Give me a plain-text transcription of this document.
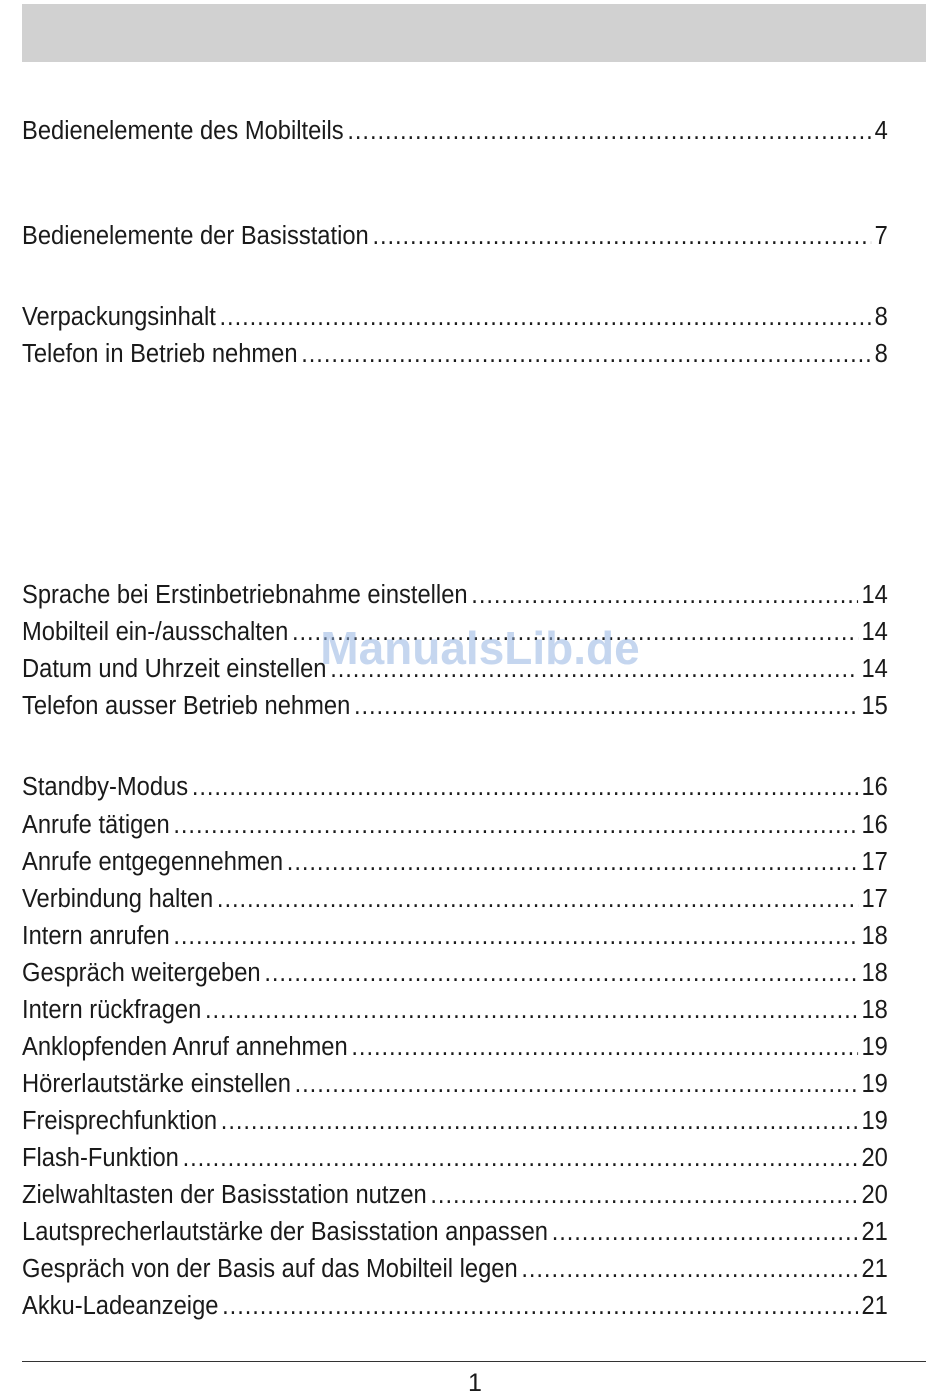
Bedienelemente des Mobilteils .....	4
Bedienelemente der Basisstation .....	7
Verpackungsinhalt .....	8
Telefon in Betrieb nehmen .....	8
Sprache bei Erstinbetriebnahme einstellen .....	14
Mobilteil ein-/ausschalten .....	14
Datum und Uhrzeit einstellen .....	14
Telefon ausser Betrieb nehmen .....	15
Standby-Modus .....	16
Anrufe tätigen .....	16
Anrufe entgegennehmen .....	17
Verbindung halten .....	17
Intern anrufen .....	18
Gespräch weitergeben .....	18
Intern rückfragen .....	18
Anklopfenden Anruf annehmen .....	19
Hörerlautstärke einstellen .....	19
Freisprechfunktion .....	19
Flash-Funktion .....	20
Zielwahltasten der Basisstation nutzen .....	20
Lautsprecherlautstärke der Basisstation anpassen .....	21
Gespräch von der Basis auf das Mobilteil legen .....	21
Akku-Ladeanzeige .....	21
ManualsLib.de
1
